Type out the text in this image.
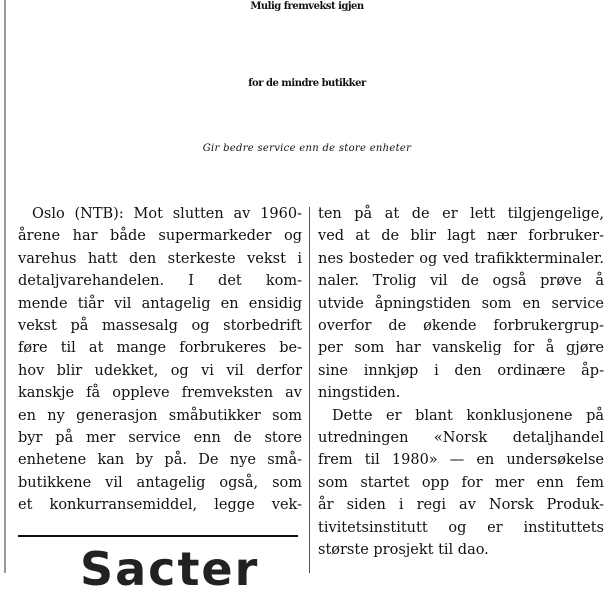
Mulig fremvekst igjen
for de mindre butikker
Gir bedre service enn de store enheter
Oslo (NTB): Mot slutten av 1960-
årene har både supermarkeder og
varehus hatt den sterkeste vekst i
detaljvarehandelen. I det kom-
mende tiår vil antagelig en ensidig
vekst på massesalg og storbedrift
føre til at mange forbrukeres be-
hov blir udekket, og vi vil derfor
kanskje få oppleve fremveksten av
en ny generasjon småbutikker som
byr på mer service enn de store
enhetene kan by på. De nye små-
butikkene vil antagelig også, som
et konkurransemiddel, legge vek-
ten på at de er lett tilgjengelige,
ved at de blir lagt nær forbruker-
nes bosteder og ved trafikkterminaler.
naler. Trolig vil de også prøve å
utvide åpningstiden som en service
overfor de økende forbrukergrup-
per som har vanskelig for å gjøre
sine innkjøp i den ordinære åp-
ningstiden.
Dette er blant konklusjonene på
utredningen «Norsk detaljhandel
frem til 1980» — en undersøkelse
som startet opp for mer enn fem
år siden i regi av Norsk Produk-
tivitetsinstitutt og er instituttets
største prosjekt til dao.
Sacter
